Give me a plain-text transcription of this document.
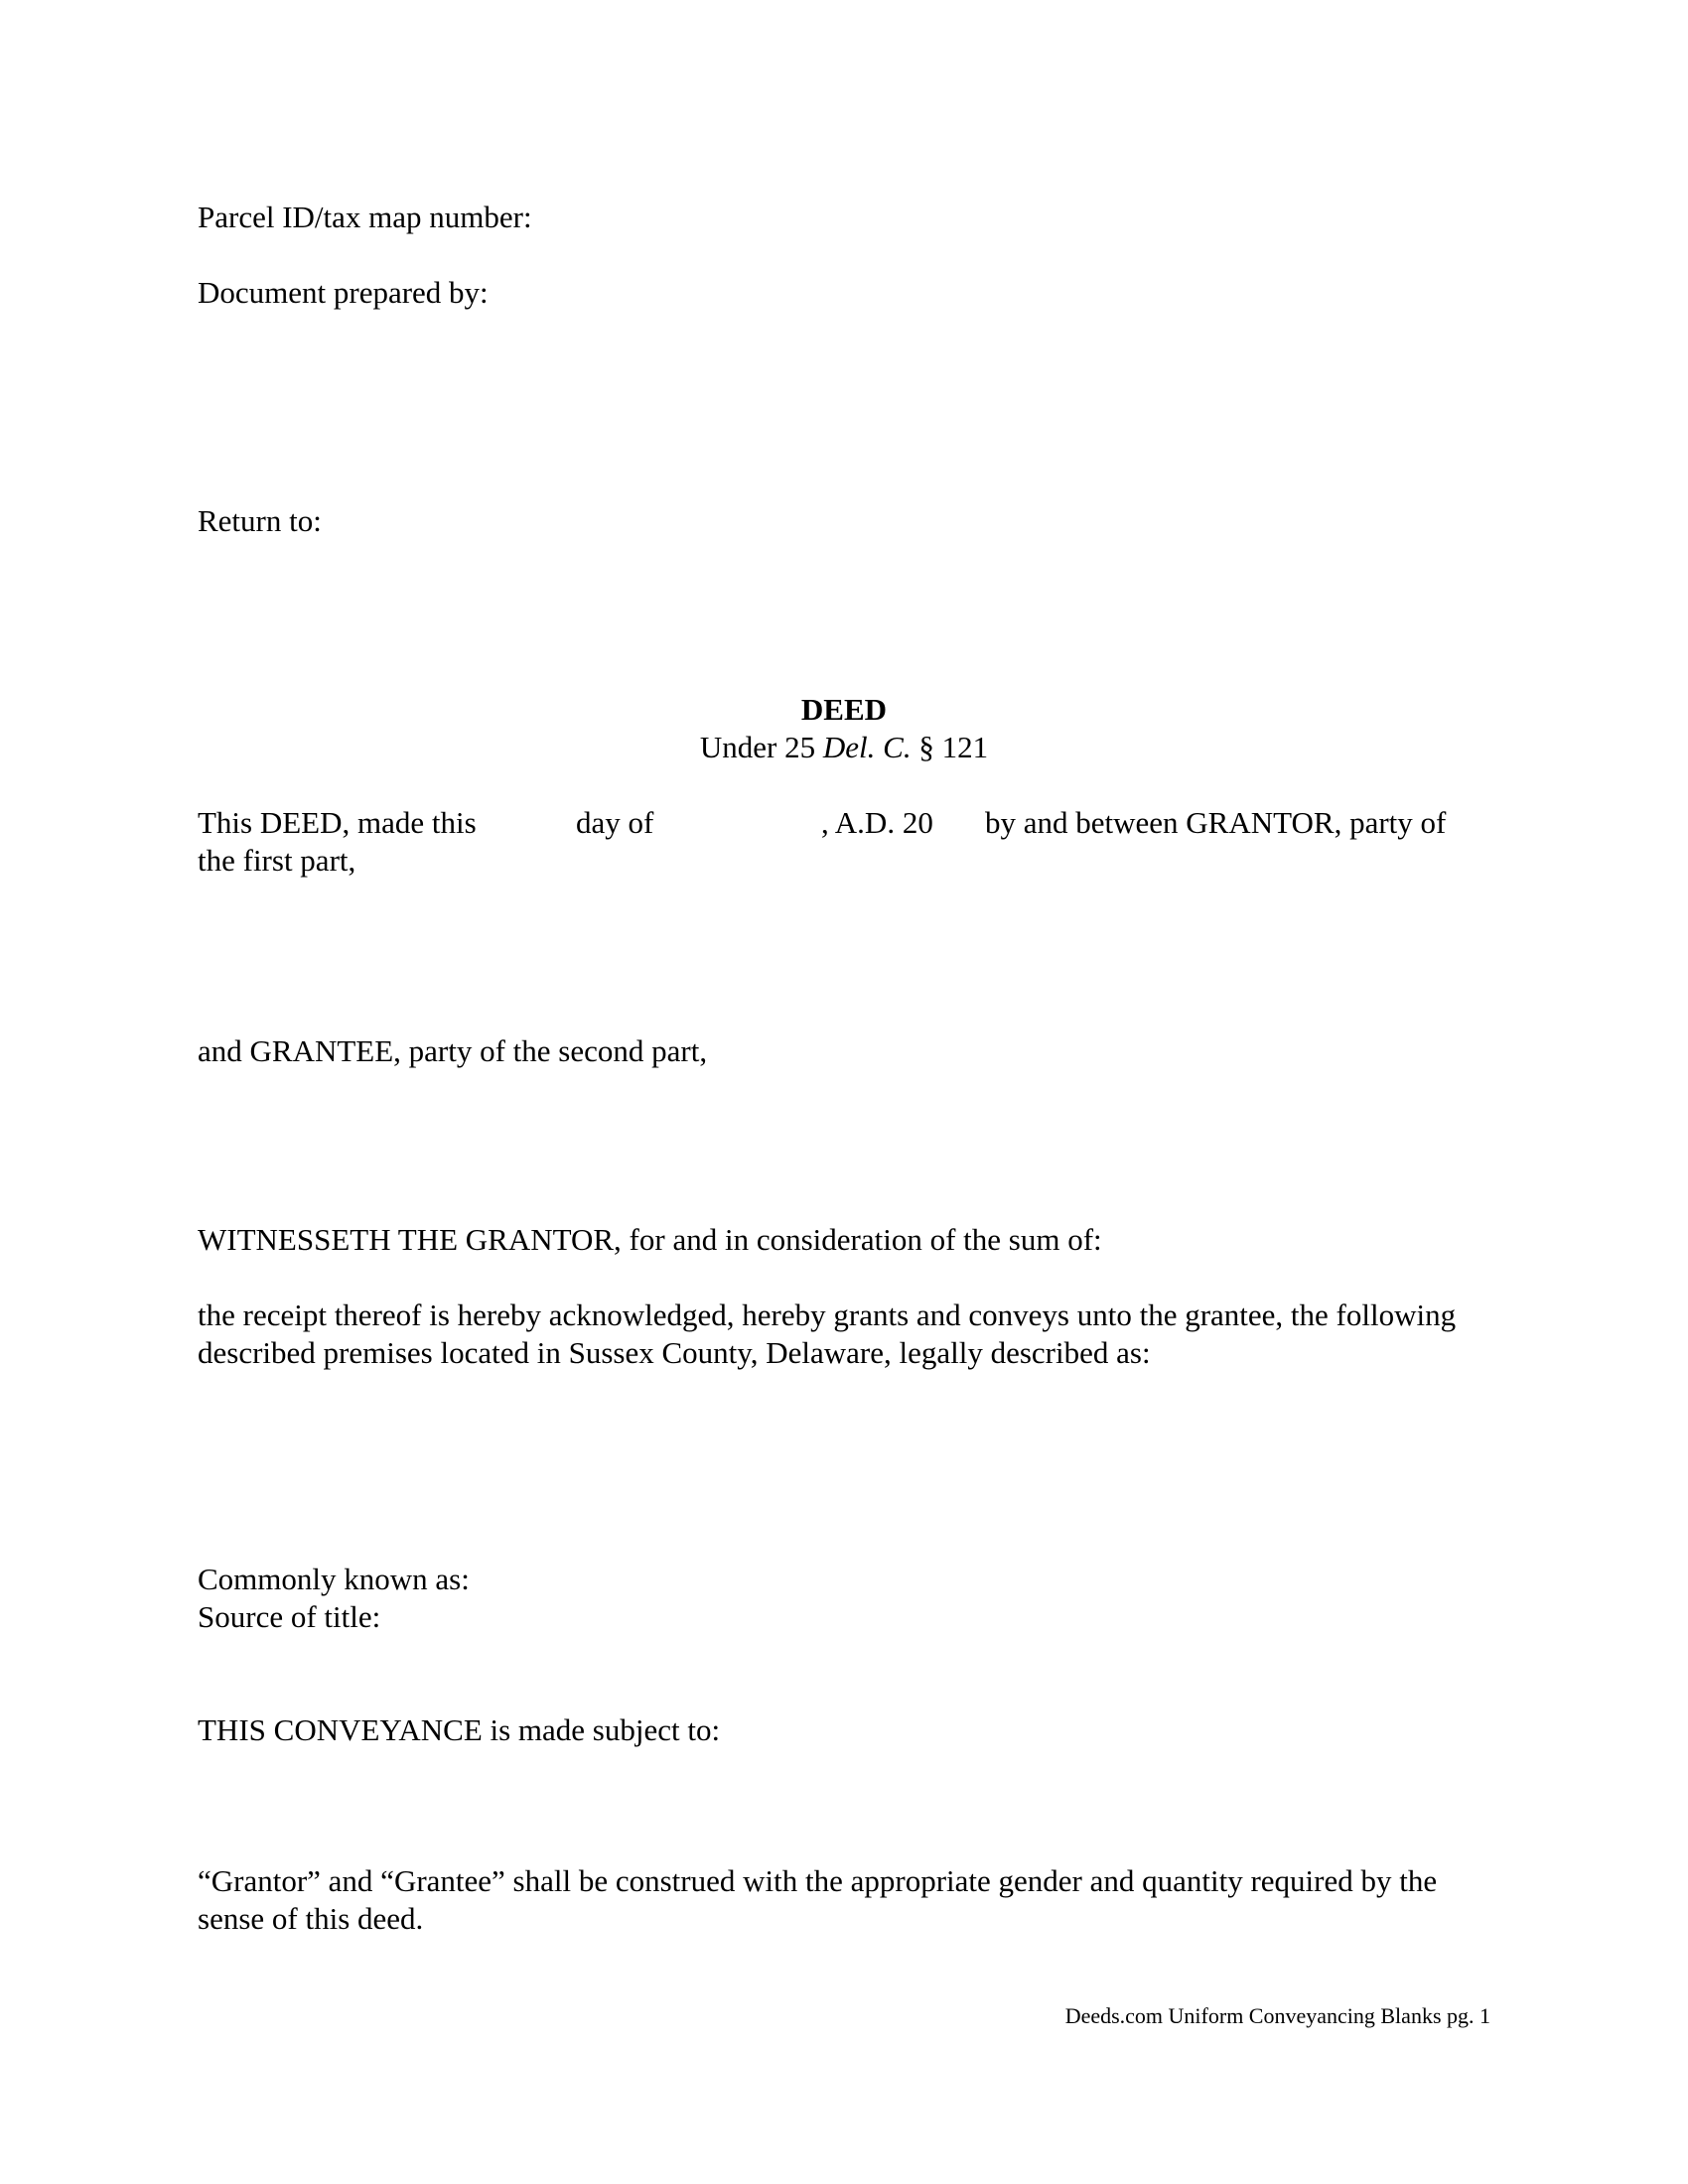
Parcel ID/tax map number:
Document prepared by:
Return to:
DEED
Under 25 Del. C. § 121
This DEED, made this	day of	, A.D. 20 by and between GRANTOR, party of
the first part,
and GRANTEE, party of the second part,
WITNESSETH THE GRANTOR, for and in consideration of the sum of:
the receipt thereof is hereby acknowledged, hereby grants and conveys unto the grantee, the following described premises located in Sussex County, Delaware, legally described as:
Commonly known as:
Source of title:
THIS CONVEYANCE is made subject to:
“Grantor” and “Grantee” shall be construed with the appropriate gender and quantity required by the sense of this deed.
Deeds.com Uniform Conveyancing Blanks pg. 1
